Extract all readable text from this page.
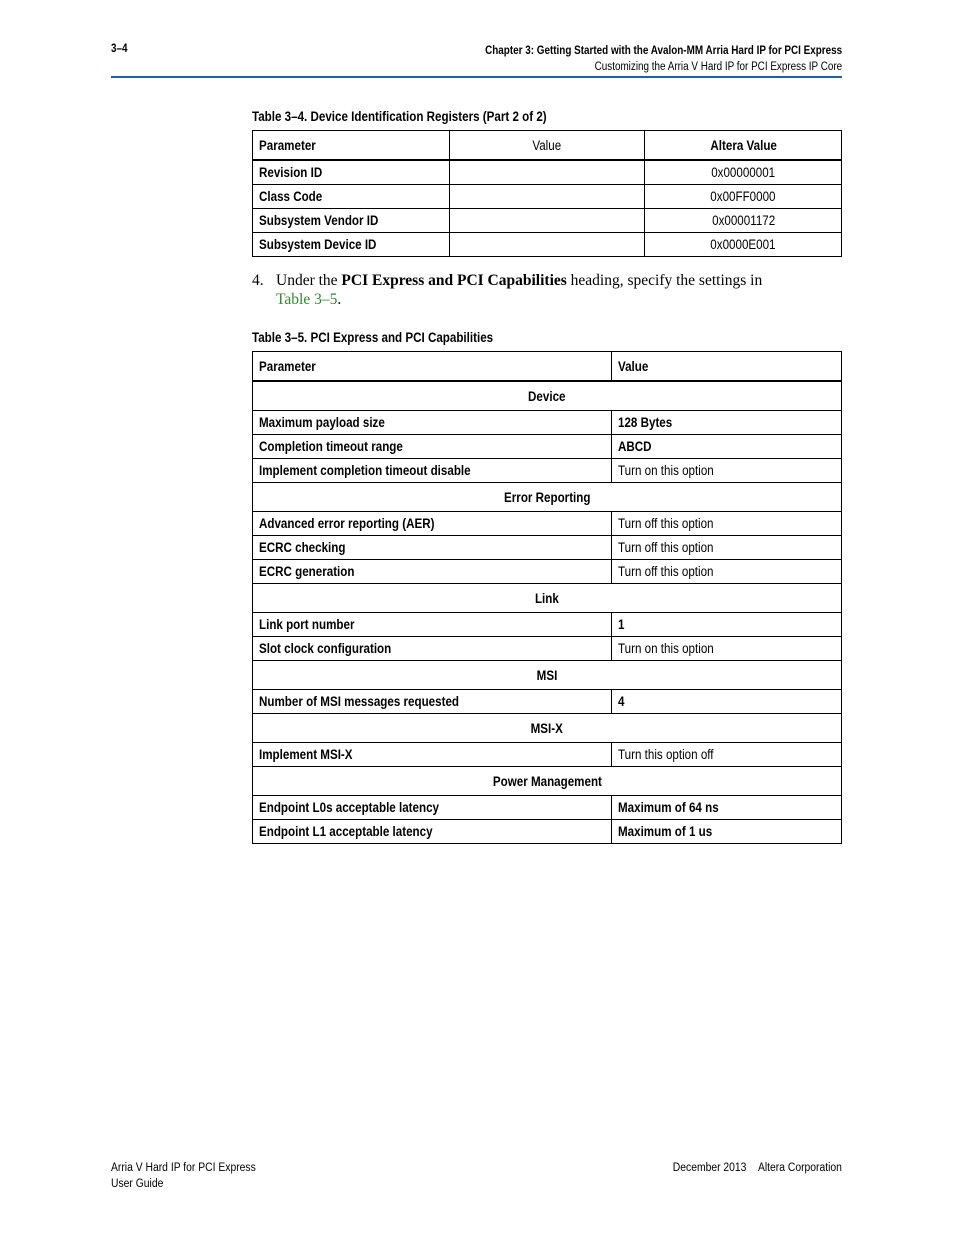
3–4	Chapter 3: Getting Started with the Avalon-MM Arria Hard IP for PCI Express
Customizing the Arria V Hard IP for PCI Express IP Core
Table 3–4. Device Identification Registers (Part 2 of 2)
Parameter	Value	Altera Value
Revision ID		0x00000001
Class Code		0x00FF0000
Subsystem Vendor ID		0x00001172
Subsystem Device ID		0x0000E001
4. Under the PCI Express and PCI Capabilities heading, specify the settings in
Table 3–5.
Table 3–5. PCI Express and PCI Capabilities
Parameter	Value
Device	
Maximum payload size	128 Bytes
Completion timeout range	ABCD
Implement completion timeout disable	Turn on this option
Error Reporting	
Advanced error reporting (AER)	Turn off this option
ECRC checking	Turn off this option
ECRC generation	Turn off this option
Link	
Link port number	1
Slot clock configuration	Turn on this option
MSI	
Number of MSI messages requested	4
MSI-X	
Implement MSI-X	Turn this option off
Power Management	
Endpoint L0s acceptable latency	Maximum of 64 ns
Endpoint L1 acceptable latency	Maximum of 1 us
Arria V Hard IP for PCI Express
User Guide
December 2013 Altera Corporation
